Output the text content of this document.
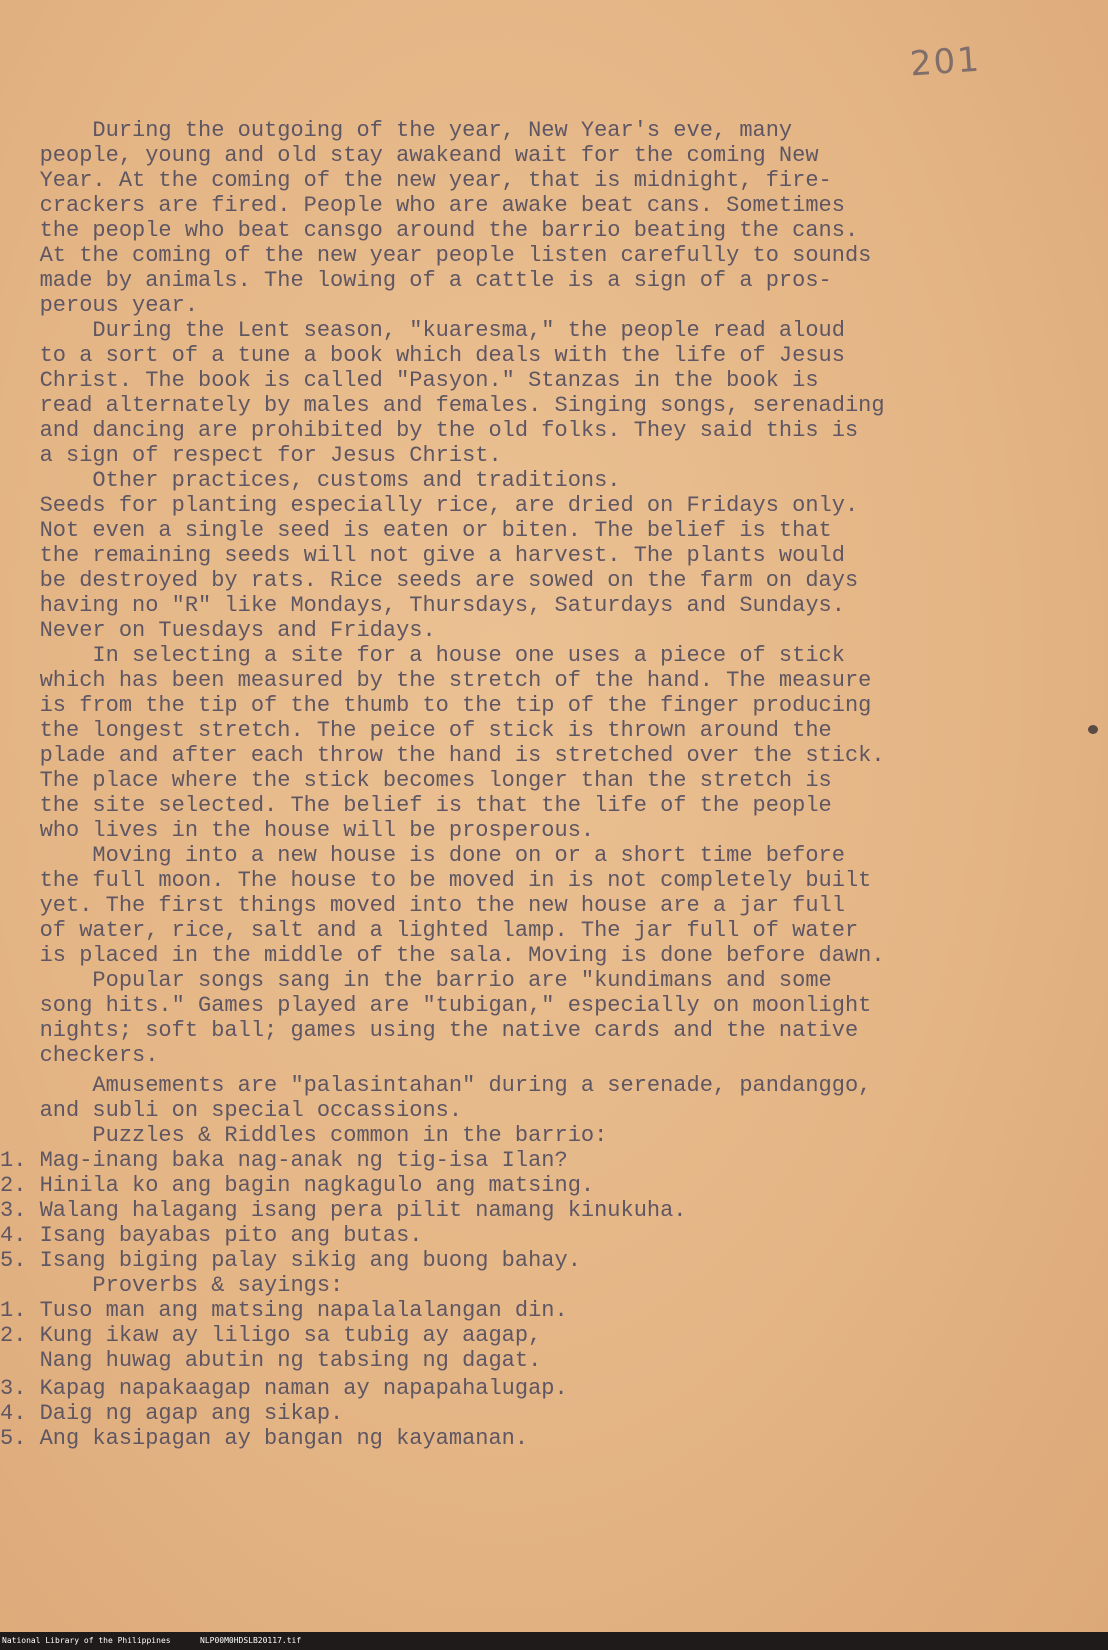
201

During the outgoing of the year, New Year's eve, many

people, young and old stay awakeand wait for the coming New

Year. At the coming of the new year, that is midnight, fire-

crackers are fired. People who are awake beat cans. Sometimes

the people who beat cansgo around the barrio beating the cans.

At the coming of the new year people listen carefully to sounds

made by animals. The lowing of a cattle is a sign of a pros-

perous year.

During the Lent season, "kuaresma," the people read aloud

to a sort of a tune a book which deals with the life of Jesus

Christ. The book is called "Pasyon." Stanzas in the book is

read alternately by males and females. Singing songs, serenading

and dancing are prohibited by the old folks. They said this is

a sign of respect for Jesus Christ.

Other practices, customs and traditions.

Seeds for planting especially rice, are dried on Fridays only.

Not even a single seed is eaten or biten. The belief is that

the remaining seeds will not give a harvest. The plants would

be destroyed by rats. Rice seeds are sowed on the farm on days

having no "R" like Mondays, Thursdays, Saturdays and Sundays.

Never on Tuesdays and Fridays.

In selecting a site for a house one uses a piece of stick

which has been measured by the stretch of the hand. The measure

is from the tip of the thumb to the tip of the finger producing

the longest stretch. The peice of stick is thrown around the

plade and after each throw the hand is stretched over the stick.

The place where the stick becomes longer than the stretch is

the site selected. The belief is that the life of the people

who lives in the house will be prosperous.

Moving into a new house is done on or a short time before

the full moon. The house to be moved in is not completely built

yet. The first things moved into the new house are a jar full

of water, rice, salt and a lighted lamp. The jar full of water

is placed in the middle of the sala. Moving is done before dawn.

Popular songs sang in the barrio are "kundimans and some

song hits." Games played are "tubigan," especially on moonlight

nights; soft ball; games using the native cards and the native

checkers.

Amusements are "palasintahan" during a serenade, pandanggo,

and subli on special occassions.

Puzzles & Riddles common in the barrio:

1. Mag-inang baka nag-anak ng tig-isa Ilan?

2. Hinila ko ang bagin nagkagulo ang matsing.

3. Walang halagang isang pera pilit namang kinukuha.

4. Isang bayabas pito ang butas.

5. Isang biging palay sikig ang buong bahay.

Proverbs & sayings:

1. Tuso man ang matsing napalalalangan din.

2. Kung ikaw ay liligo sa tubig ay aagap,

Nang huwag abutin ng tabsing ng dagat.

3. Kapag napakaagap naman ay napapahalugap.

4. Daig ng agap ang sikap.

5. Ang kasipagan ay bangan ng kayamanan.

National Library of the Philippines	NLP00M0HDSLB20117.tif
